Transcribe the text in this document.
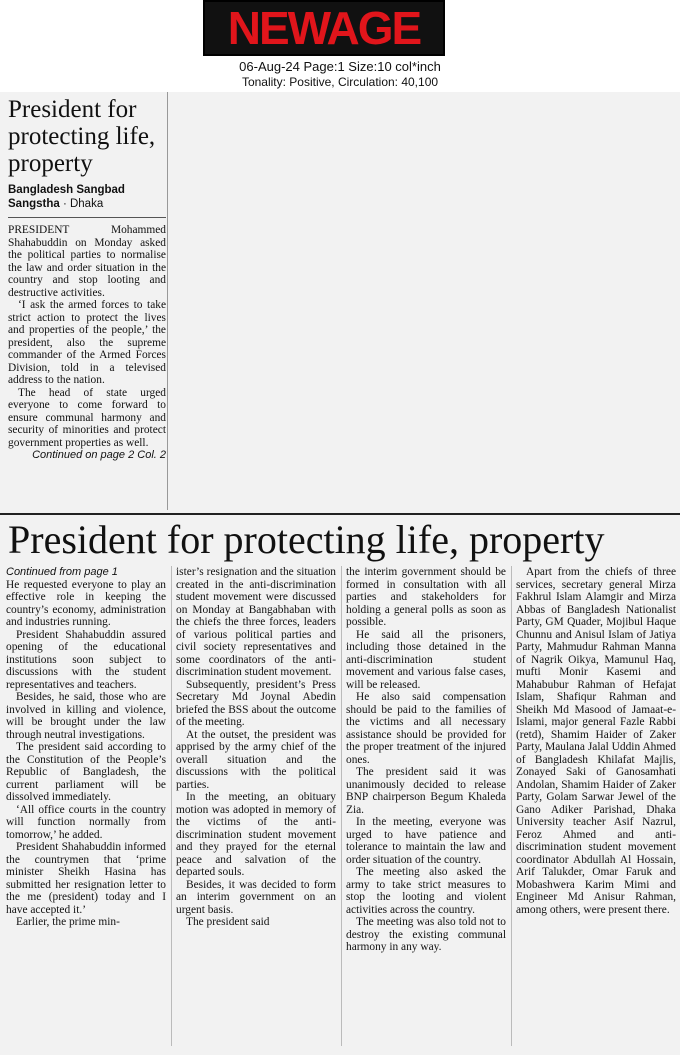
NEWAGE
06-Aug-24 Page:1 Size:10 col*inch
Tonality: Positive, Circulation: 40,100
President for protecting life, property
Bangladesh Sangbad Sangstha · Dhaka

PRESIDENT Mohammed Shahabuddin on Monday asked the political parties to normalise the law and order situation in the country and stop looting and destructive activities.

‘I ask the armed forces to take strict action to protect the lives and properties of the people,’ the president, also the supreme commander of the Armed Forces Division, told in a televised address to the nation.

The head of state urged everyone to come forward to ensure communal harmony and security of minorities and protect government properties as well.

Continued on page 2 Col. 2
President for protecting life, property
Continued from page 1

He requested everyone to play an effective role in keeping the country’s economy, administration and industries running.

President Shahabuddin assured opening of the educational institutions soon subject to discussions with the student representatives and teachers.

Besides, he said, those who are involved in killing and violence, will be brought under the law through neutral investigations.

The president said according to the Constitution of the People’s Republic of Bangladesh, the current parliament will be dissolved immediately.

‘All office courts in the country will function normally from tomorrow,’ he added.

President Shahabuddin informed the countrymen that ‘prime minister Sheikh Hasina has submitted her resignation letter to the me (president) today and I have accepted it.’

Earlier, the prime min-

ister’s resignation and the situation created in the anti-discrimination student movement were discussed on Monday at Bangabhaban with the chiefs the three forces, leaders of various political parties and civil society representatives and some coordinators of the anti-discrimination student movement.

Subsequently, president’s Press Secretary Md Joynal Abedin briefed the BSS about the outcome of the meeting.

At the outset, the president was apprised by the army chief of the overall situation and the discussions with the political parties.

In the meeting, an obituary motion was adopted in memory of the victims of the anti-discrimination student movement and they prayed for the eternal peace and salvation of the departed souls.

Besides, it was decided to form an interim government on an urgent basis.

The president said

the interim government should be formed in consultation with all parties and stakeholders for holding a general polls as soon as possible.

He said all the prisoners, including those detained in the anti-discrimination student movement and various false cases, will be released.

He also said compensation should be paid to the families of the victims and all necessary assistance should be provided for the proper treatment of the injured ones.

The president said it was unanimously decided to release BNP chairperson Begum Khaleda Zia.

In the meeting, everyone was urged to have patience and tolerance to maintain the law and order situation of the country.

The meeting also asked the army to take strict measures to stop the looting and violent activities across the country.

The meeting was also told not to destroy the existing communal harmony in any way.

Apart from the chiefs of three services, secretary general Mirza Fakhrul Islam Alamgir and Mirza Abbas of Bangladesh Nationalist Party, GM Quader, Mojibul Haque Chunnu and Anisul Islam of Jatiya Party, Mahmudur Rahman Manna of Nagrik Oikya, Mamunul Haq, mufti Monir Kasemi and Mahabubur Rahman of Hefajat Islam, Shafiqur Rahman and Sheikh Md Masood of Jamaat-e-Islami, major general Fazle Rabbi (retd), Shamim Haider of Zaker Party, Maulana Jalal Uddin Ahmed of Bangladesh Khilafat Majlis, Zonayed Saki of Ganosamhati Andolan, Shamim Haider of Zaker Party, Golam Sarwar Jewel of the Gano Adiker Parishad, Dhaka University teacher Asif Nazrul, Feroz Ahmed and anti-discrimination student movement coordinator Abdullah Al Hossain, Arif Talukder, Omar Faruk and Mobashwera Karim Mimi and Engineer Md Anisur Rahman, among others, were present there.
